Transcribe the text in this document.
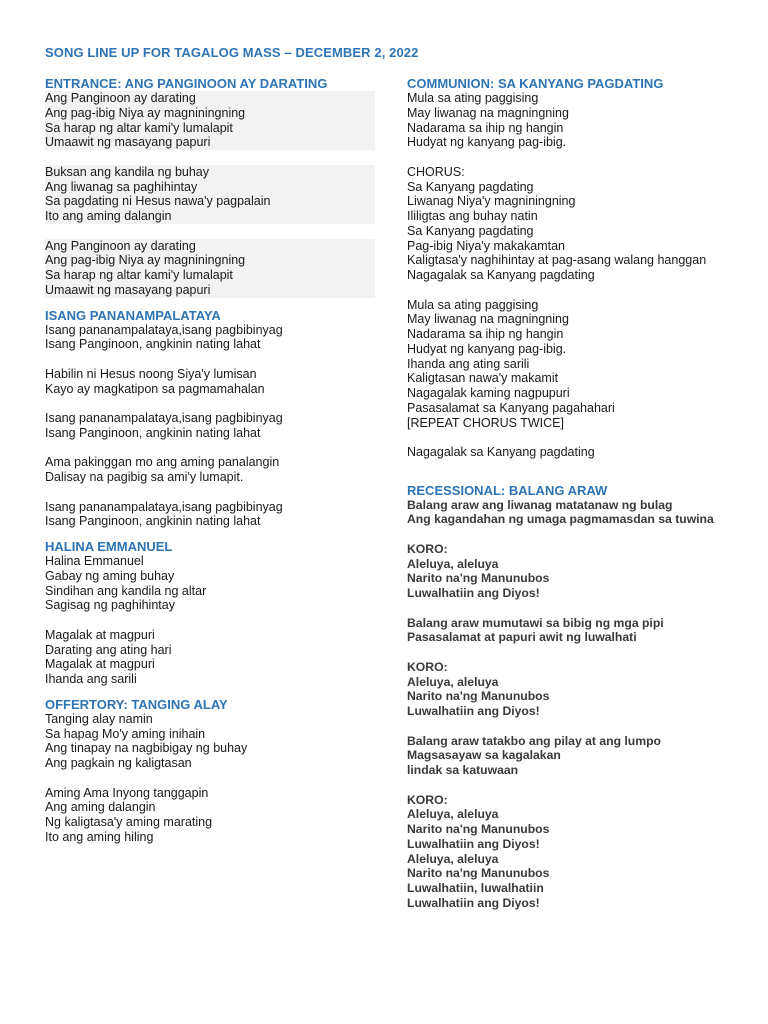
SONG LINE UP FOR TAGALOG MASS – DECEMBER 2, 2022
ENTRANCE: ANG PANGINOON AY DARATING
Ang Panginoon ay darating
Ang pag-ibig Niya ay magniningning
Sa harap ng altar kami'y lumalapit
Umaawit ng masayang papuri
Buksan ang kandila ng buhay
Ang liwanag sa paghihintay
Sa pagdating ni Hesus nawa'y pagpalain
Ito ang aming dalangin
Ang Panginoon ay darating
Ang pag-ibig Niya ay magniningning
Sa harap ng altar kami'y lumalapit
Umaawit ng masayang papuri
ISANG PANANAMPALATAYA
Isang pananampalataya,isang pagbibinyag
Isang Panginoon, angkinin nating lahat
Habilin ni Hesus noong Siya'y lumisan
Kayo ay magkatipon sa pagmamahalan
Isang pananampalataya,isang pagbibinyag
Isang Panginoon, angkinin nating lahat
Ama pakinggan mo ang aming panalangin
Dalisay na pagibig sa ami'y lumapit.
Isang pananampalataya,isang pagbibinyag
Isang Panginoon, angkinin nating lahat
HALINA EMMANUEL
Halina Emmanuel
Gabay ng aming buhay
Sindihan ang kandila ng altar
Sagisag ng paghihintay
Magalak at magpuri
Darating ang ating hari
Magalak at magpuri
Ihanda ang sarili
OFFERTORY: TANGING ALAY
Tanging alay namin
Sa hapag Mo'y aming inihain
Ang tinapay na nagbibigay ng buhay
Ang pagkain ng kaligtasan
Aming Ama Inyong tanggapin
Ang aming dalangin
Ng kaligtasa'y aming marating
Ito ang aming hiling
COMMUNION: SA KANYANG PAGDATING
Mula sa ating paggising
May liwanag na magningning
Nadarama sa ihip ng hangin
Hudyat ng kanyang pag-ibig.
CHORUS:
Sa Kanyang pagdating
Liwanag Niya'y magniningning
Ililigtas ang buhay natin
Sa Kanyang pagdating
Pag-ibig Niya'y makakamtan
Kaligtasa'y naghihintay at pag-asang walang hanggan
Nagagalak sa Kanyang pagdating
Mula sa ating paggising
May liwanag na magningning
Nadarama sa ihip ng hangin
Hudyat ng kanyang pag-ibig.
Ihanda ang ating sarili
Kaligtasan nawa'y makamit
Nagagalak kaming nagpupuri
Pasasalamat sa Kanyang pagahahari
[REPEAT CHORUS TWICE]
Nagagalak sa Kanyang pagdating
RECESSIONAL: BALANG ARAW
Balang araw ang liwanag matatanaw ng bulag
Ang kagandahan ng umaga pagmamasdan sa tuwina
KORO:
Aleluya, aleluya
Narito na'ng Manunubos
Luwalhatiin ang Diyos!
Balang araw mumutawi sa bibig ng mga pipi
Pasasalamat at papuri awit ng luwalhati
KORO:
Aleluya, aleluya
Narito na'ng Manunubos
Luwalhatiin ang Diyos!
Balang araw tatakbo ang pilay at ang lumpo
Magsasayaw sa kagalakan
lindak sa katuwaan
KORO:
Aleluya, aleluya
Narito na'ng Manunubos
Luwalhatiin ang Diyos!
Aleluya, aleluya
Narito na'ng Manunubos
Luwalhatiin, luwalhatiin
Luwalhatiin ang Diyos!
